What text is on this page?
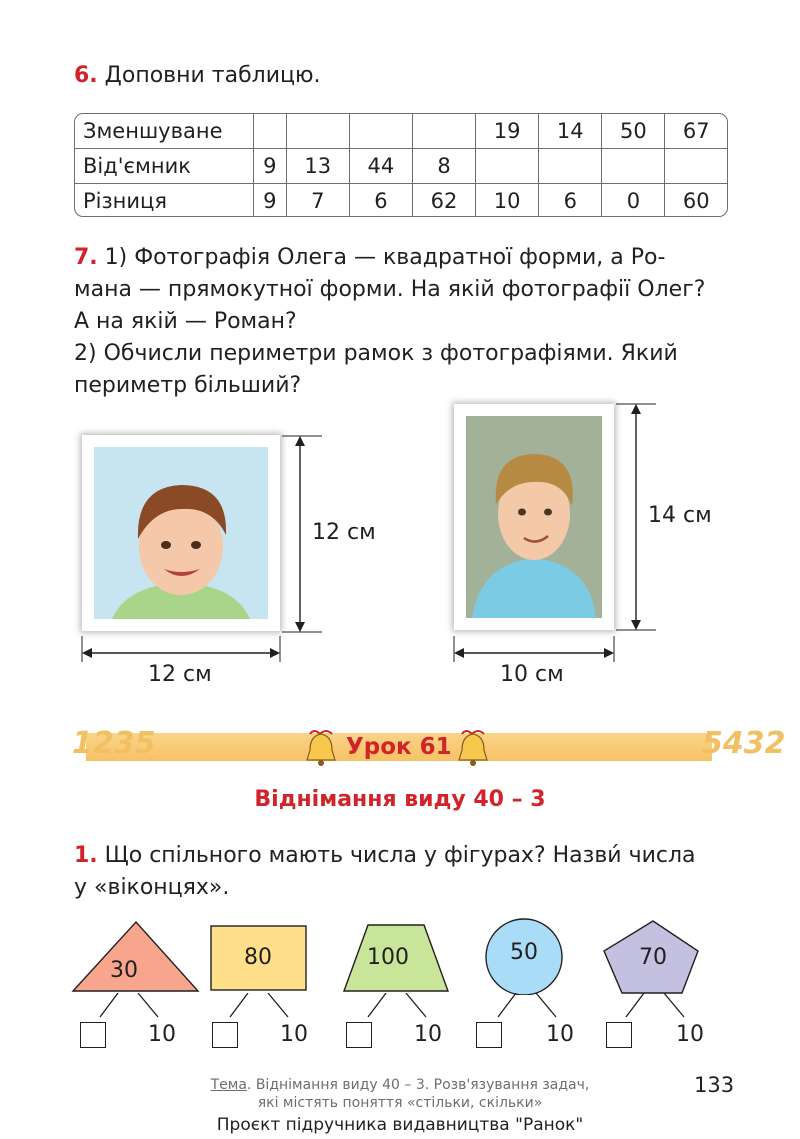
6. Доповни таблицю.
Зменшуване					19	14	50	67
Від'ємник	9	13	44	8				
Різниця	9	7	6	62	10	6	0	60
7. 1) Фотографія Олега — квадратної форми, а Ро-
мана — прямокутної форми. На якій фотографії Олег?
А на якій — Роман?
2) Обчисли периметри рамок з фотографіями. Який
периметр більший?
12 см
12 см
14 см
10 см
1235	5432
Урок 61
Віднімання виду 40 – 3
1. Що спільного мають числа у фігурах? Назви́ числа
у «віконцях».
30
80	100	50	70
10	10	10	10	10
Тема. Віднімання виду 40 – 3. Розв'язування задач,
які містять поняття «стільки, скільки»
133
Проєкт підручника видавництва "Ранок"
